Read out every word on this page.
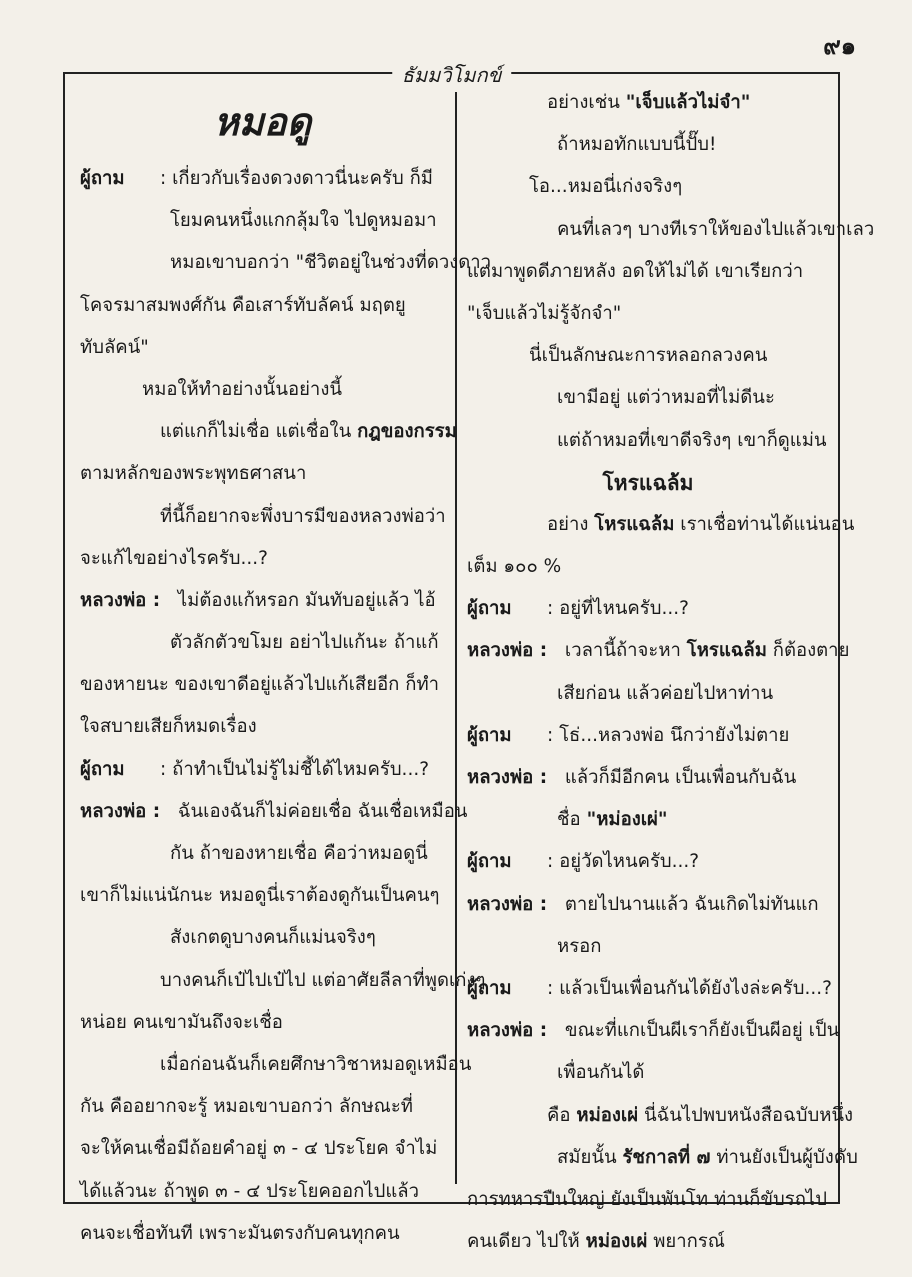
๙๑
ธัมมวิโมกข์
หมอดู
ผู้ถาม : เกี่ยวกับเรื่องดวงดาวนี่นะครับ ก็มี
โยมคนหนึ่งแกกลุ้มใจ ไปดูหมอมา
หมอเขาบอกว่า "ชีวิตอยู่ในช่วงที่ดวงดาว
โคจรมาสมพงศ์กัน คือเสาร์ทับลัคน์ มฤตยู
ทับลัคน์"
หมอให้ทำอย่างนั้นอย่างนี้
แต่แกก็ไม่เชื่อ แต่เชื่อใน กฎของกรรม
ตามหลักของพระพุทธศาสนา
ที่นี้ก็อยากจะพึ่งบารมีของหลวงพ่อว่า
จะแก้ไขอย่างไรครับ...?
หลวงพ่อ : ไม่ต้องแก้หรอก มันทับอยู่แล้ว ไอ้
ตัวลักตัวขโมย อย่าไปแก้นะ ถ้าแก้
ของหายนะ ของเขาดีอยู่แล้วไปแก้เสียอีก ก็ทำ
ใจสบายเสียก็หมดเรื่อง
ผู้ถาม : ถ้าทำเป็นไม่รู้ไม่ชี้ได้ไหมครับ...?
หลวงพ่อ : ฉันเองฉันก็ไม่ค่อยเชื่อ ฉันเชื่อเหมือน
กัน ถ้าของหายเชื่อ คือว่าหมอดูนี่
เขาก็ไม่แน่นักนะ หมอดูนี่เราต้องดูกันเป็นคนๆ
สังเกตดูบางคนก็แม่นจริงๆ
บางคนก็เป๋ไปเป๋ไป แต่อาศัยลีลาที่พูดเก่งๆ
หน่อย คนเขามันถึงจะเชื่อ
เมื่อก่อนฉันก็เคยศึกษาวิชาหมอดูเหมือน
กัน คืออยากจะรู้ หมอเขาบอกว่า ลักษณะที่
จะให้คนเชื่อมีถ้อยคำอยู่ ๓ - ๔ ประโยค จำไม่
ได้แล้วนะ ถ้าพูด ๓ - ๔ ประโยคออกไปแล้ว
คนจะเชื่อทันที เพราะมันตรงกับคนทุกคน
อย่างเช่น "เจ็บแล้วไม่จำ"
ถ้าหมอทักแบบนี้ปั๊บ!
โอ...หมอนี่เก่งจริงๆ
คนที่เลวๆ บางทีเราให้ของไปแล้วเขาเลว
แต่มาพูดดีภายหลัง อดให้ไม่ได้ เขาเรียกว่า
"เจ็บแล้วไม่รู้จักจำ"
นี่เป็นลักษณะการหลอกลวงคน
เขามีอยู่ แต่ว่าหมอที่ไม่ดีนะ
แต่ถ้าหมอที่เขาดีจริงๆ เขาก็ดูแม่น
โหรแฉล้ม
อย่าง โหรแฉล้ม เราเชื่อท่านได้แน่นอน
เต็ม ๑๐๐ %
ผู้ถาม : อยู่ที่ไหนครับ...?
หลวงพ่อ : เวลานี้ถ้าจะหา โหรแฉล้ม ก็ต้องตาย
เสียก่อน แล้วค่อยไปหาท่าน
ผู้ถาม : โธ่...หลวงพ่อ นึกว่ายังไม่ตาย
หลวงพ่อ : แล้วก็มีอีกคน เป็นเพื่อนกับฉัน
ชื่อ "หม่องเผ่"
ผู้ถาม : อยู่วัดไหนครับ...?
หลวงพ่อ : ตายไปนานแล้ว ฉันเกิดไม่ทันแก
หรอก
ผู้ถาม : แล้วเป็นเพื่อนกันได้ยังไงล่ะครับ...?
หลวงพ่อ : ขณะที่แกเป็นผีเราก็ยังเป็นผีอยู่ เป็น
เพื่อนกันได้
คือ หม่องเผ่ นี่ฉันไปพบหนังสือฉบับหนึ่ง
สมัยนั้น รัชกาลที่ ๗ ท่านยังเป็นผู้บังคับ
การทหารปืนใหญ่ ยังเป็นพันโท ท่านก็ขับรถไป
คนเดียว ไปให้ หม่องเผ่ พยากรณ์
